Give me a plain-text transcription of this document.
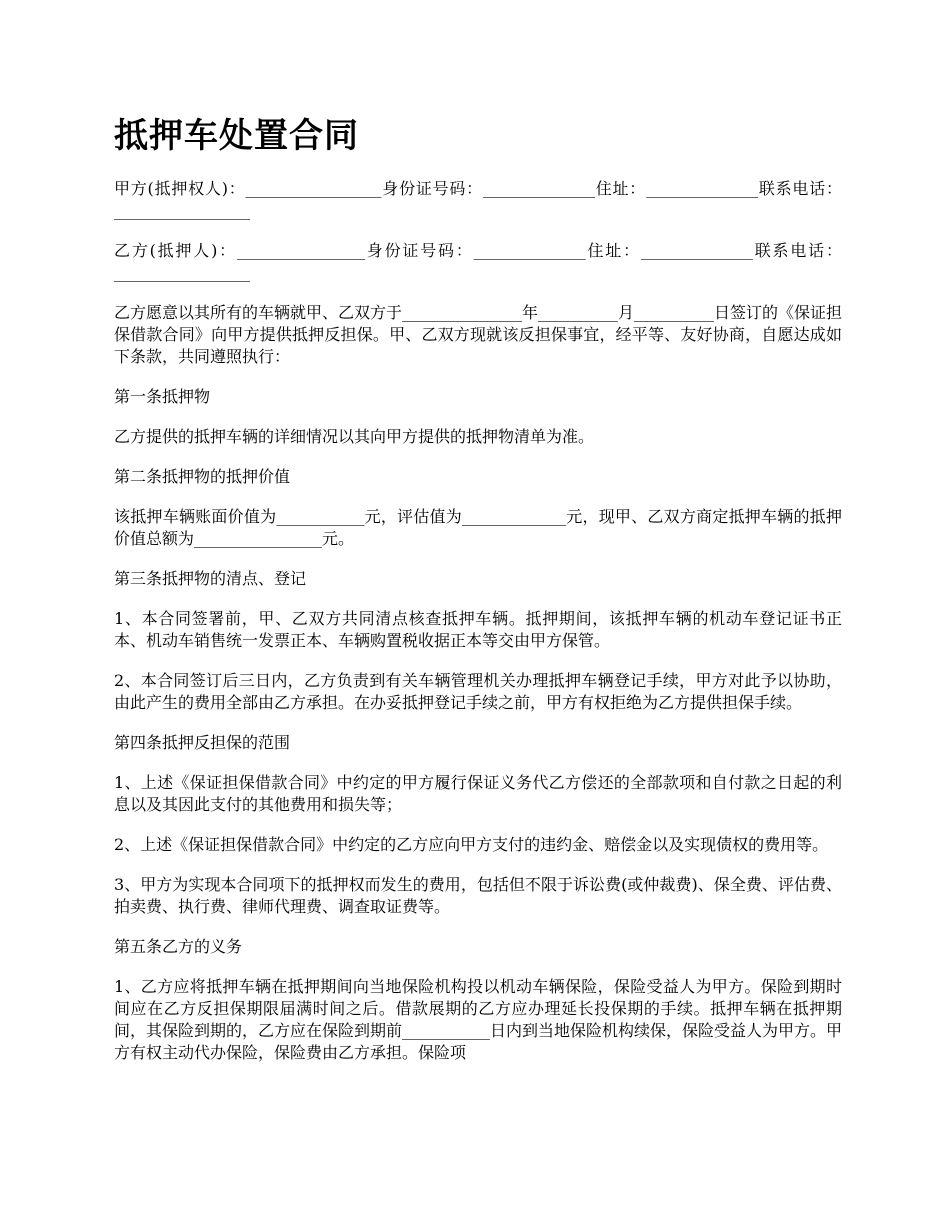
抵押车处置合同

甲方(抵押权人)：_________________身份证号码：______________住址：______________联系电话：_________________

乙方(抵押人)：________________身份证号码：______________住址：______________联系电话：_________________

乙方愿意以其所有的车辆就甲、乙双方于_______________年__________月__________日签订的《保证担保借款合同》向甲方提供抵押反担保。甲、乙双方现就该反担保事宜，经平等、友好协商，自愿达成如下条款，共同遵照执行：

第一条抵押物

乙方提供的抵押车辆的详细情况以其向甲方提供的抵押物清单为准。

第二条抵押物的抵押价值

该抵押车辆账面价值为___________元，评估值为_____________元，现甲、乙双方商定抵押车辆的抵押价值总额为________________元。

第三条抵押物的清点、登记

1、本合同签署前，甲、乙双方共同清点核查抵押车辆。抵押期间，该抵押车辆的机动车登记证书正本、机动车销售统一发票正本、车辆购置税收据正本等交由甲方保管。

2、本合同签订后三日内，乙方负责到有关车辆管理机关办理抵押车辆登记手续，甲方对此予以协助，由此产生的费用全部由乙方承担。在办妥抵押登记手续之前，甲方有权拒绝为乙方提供担保手续。

第四条抵押反担保的范围

1、上述《保证担保借款合同》中约定的甲方履行保证义务代乙方偿还的全部款项和自付款之日起的利息以及其因此支付的其他费用和损失等；

2、上述《保证担保借款合同》中约定的乙方应向甲方支付的违约金、赔偿金以及实现债权的费用等。

3、甲方为实现本合同项下的抵押权而发生的费用，包括但不限于诉讼费(或仲裁费)、保全费、评估费、拍卖费、执行费、律师代理费、调查取证费等。

第五条乙方的义务

1、乙方应将抵押车辆在抵押期间向当地保险机构投以机动车辆保险，保险受益人为甲方。保险到期时间应在乙方反担保期限届满时间之后。借款展期的乙方应办理延长投保期的手续。抵押车辆在抵押期间，其保险到期的，乙方应在保险到期前___________日内到当地保险机构续保，保险受益人为甲方。甲方有权主动代办保险，保险费由乙方承担。保险项
